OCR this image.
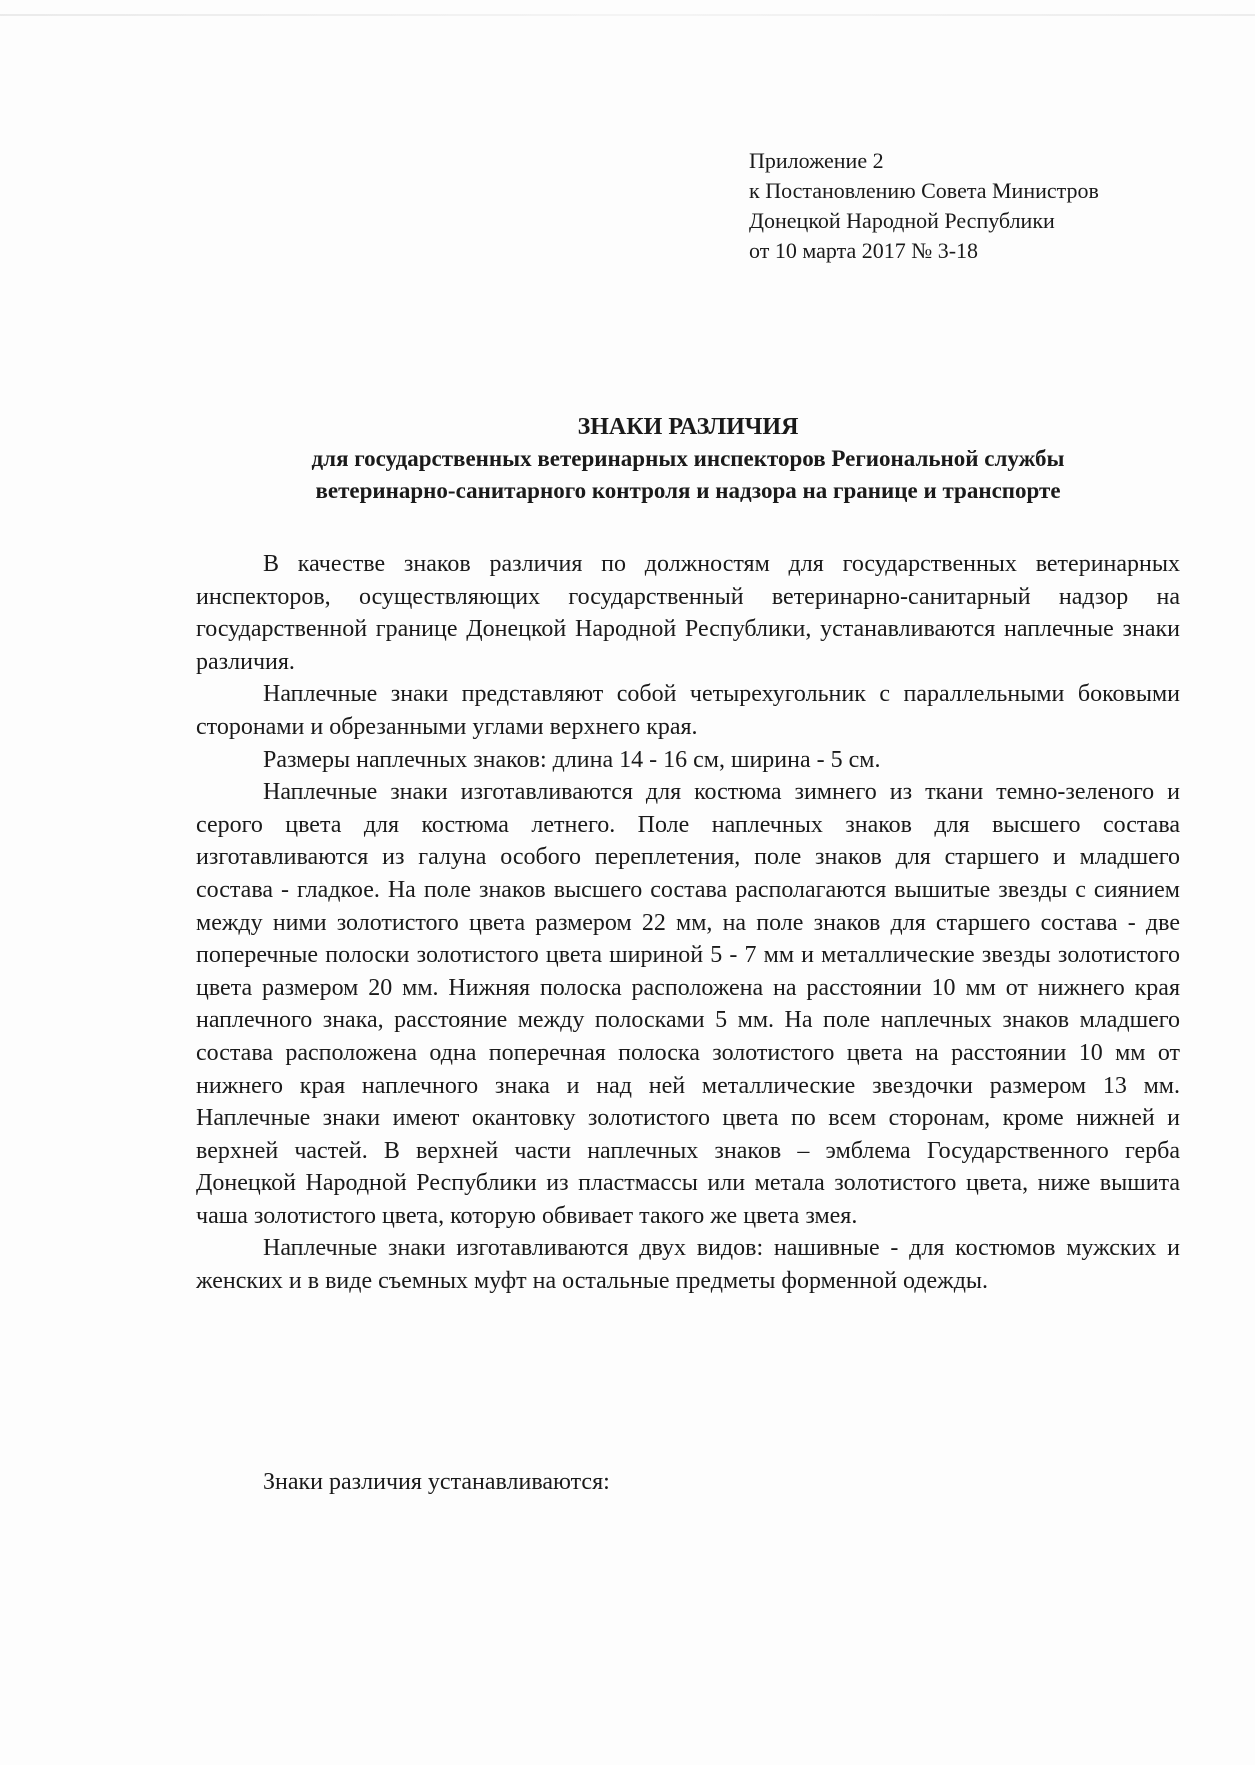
Приложение 2
к Постановлению Совета Министров
Донецкой Народной Республики
от 10 марта 2017 № 3-18
ЗНАКИ РАЗЛИЧИЯ
для государственных ветеринарных инспекторов Региональной службы
ветеринарно-санитарного контроля и надзора на границе и транспорте

В качестве знаков различия по должностям для государственных ветеринарных инспекторов, осуществляющих государственный ветеринарно-санитарный надзор на государственной границе Донецкой Народной Республики, устанавливаются наплечные знаки различия.

Наплечные знаки представляют собой четырехугольник с параллельными боковыми сторонами и обрезанными углами верхнего края.

Размеры наплечных знаков: длина 14 - 16 см, ширина - 5 см.

Наплечные знаки изготавливаются для костюма зимнего из ткани темно-зеленого и серого цвета для костюма летнего. Поле наплечных знаков для высшего состава изготавливаются из галуна особого переплетения, поле знаков для старшего и младшего состава - гладкое. На поле знаков высшего состава располагаются вышитые звезды с сиянием между ними золотистого цвета размером 22 мм, на поле знаков для старшего состава - две поперечные полоски золотистого цвета шириной 5 - 7 мм и металлические звезды золотистого цвета размером 20 мм. Нижняя полоска расположена на расстоянии 10 мм от нижнего края наплечного знака, расстояние между полосками 5 мм. На поле наплечных знаков младшего состава расположена одна поперечная полоска золотистого цвета на расстоянии 10 мм от нижнего края наплечного знака и над ней металлические звездочки размером 13 мм. Наплечные знаки имеют окантовку золотистого цвета по всем сторонам, кроме нижней и верхней частей. В верхней части наплечных знаков – эмблема Государственного герба Донецкой Народной Республики из пластмассы или метала золотистого цвета, ниже вышита чаша золотистого цвета, которую обвивает такого же цвета змея.

Наплечные знаки изготавливаются двух видов: нашивные - для костюмов мужских и женских и в виде съемных муфт на остальные предметы форменной одежды.

Знаки различия устанавливаются:
